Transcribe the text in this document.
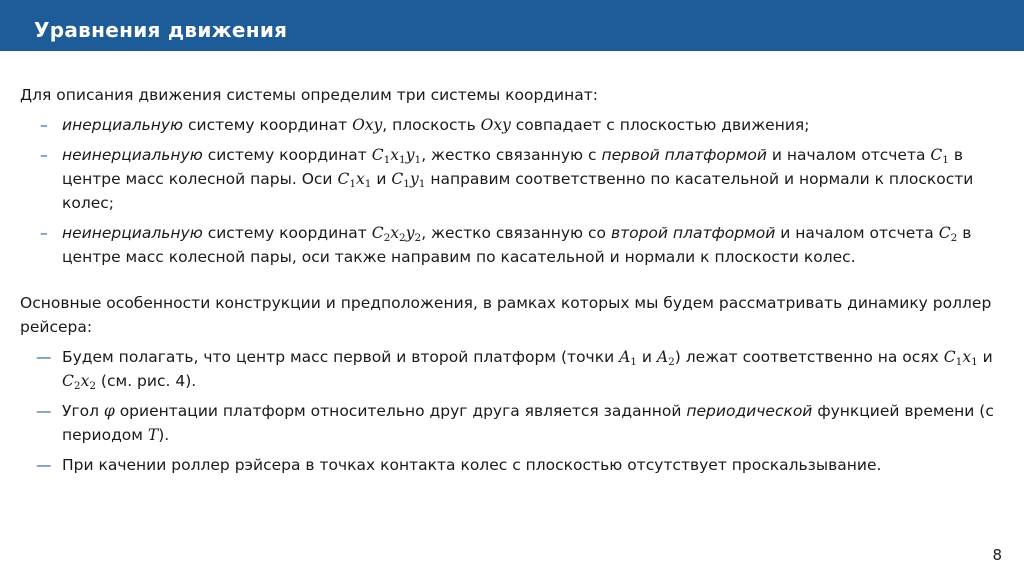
Уравнения движения

Для описания движения системы определим три системы координат:

– инерциальную систему координат Oxy, плоскость Oxy совпадает с плоскостью движения;
– неинерциальную систему координат $C_1x_1y_1$, жестко связанную с первой платформой и началом отсчета $C_1$ в центре масс колесной пары. Оси $C_1x_1$ и $C_1y_1$ направим соответственно по касательной и нормали к плоскости колес;
– неинерциальную систему координат $C_2x_2y_2$, жестко связанную со второй платформой и началом отсчета $C_2$ в центре масс колесной пары, оси также направим по касательной и нормали к плоскости колес.

Основные особенности конструкции и предположения, в рамках которых мы будем рассматривать динамику роллер рейсера:

— Будем полагать, что центр масс первой и второй платформ (точки $A_1$ и $A_2$) лежат соответственно на осях $C_1x_1$ и $C_2x_2$ (см. рис. 4).
— Угол φ ориентации платформ относительно друг друга является заданной периодической функцией времени (с периодом T).
— При качении роллер рэйсера в точках контакта колес с плоскостью отсутствует проскальзывание.
8
